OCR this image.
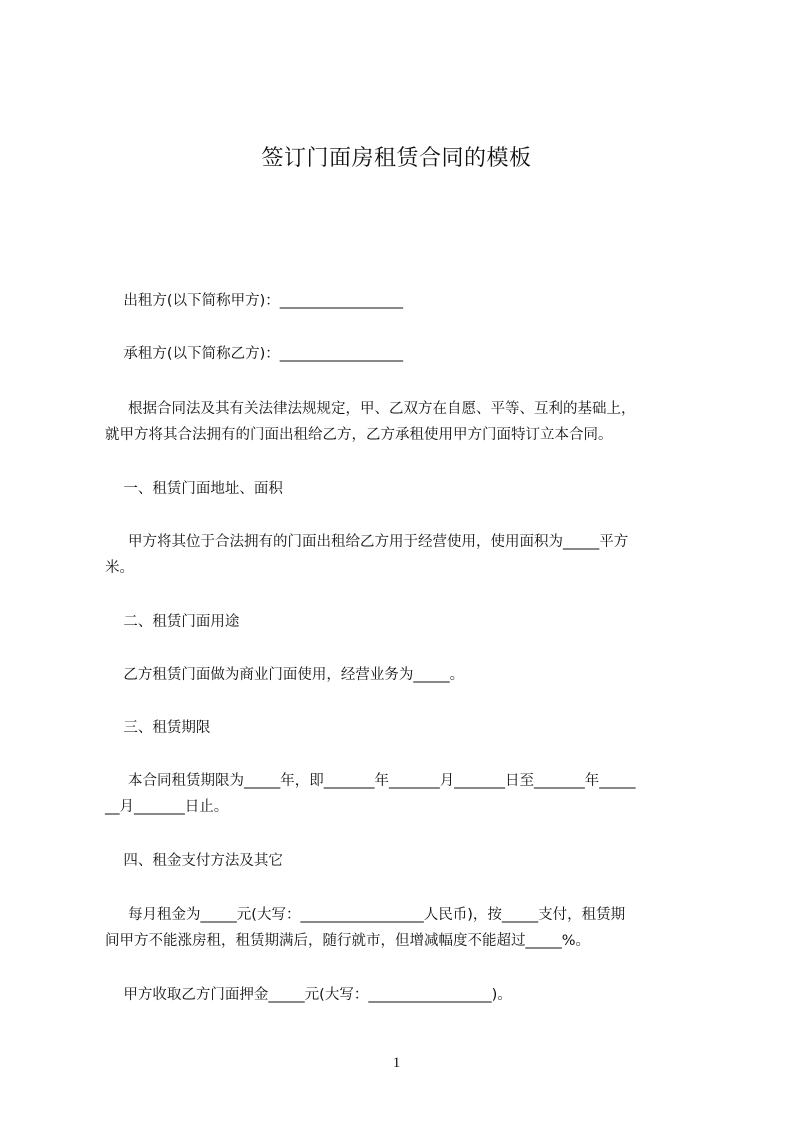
签订门面房租赁合同的模板

出租方(以下简称甲方)：_________________

承租方(以下简称乙方)：_________________

根据合同法及其有关法律法规规定，甲、乙双方在自愿、平等、互利的基础上，
就甲方将其合法拥有的门面出租给乙方，乙方承租使用甲方门面特订立本合同。

一、租赁门面地址、面积

甲方将其位于合法拥有的门面出租给乙方用于经营使用，使用面积为_____平方
米。

二、租赁门面用途

乙方租赁门面做为商业门面使用，经营业务为_____。

三、租赁期限

本合同租赁期限为_____年，即_______年_______月_______日至_______年_____
__月_______日止。

四、租金支付方法及其它

每月租金为_____元(大写：_________________人民币)，按_____支付，租赁期
间甲方不能涨房租，租赁期满后，随行就市，但增减幅度不能超过_____%。

甲方收取乙方门面押金_____元(大写：_________________)。

1
